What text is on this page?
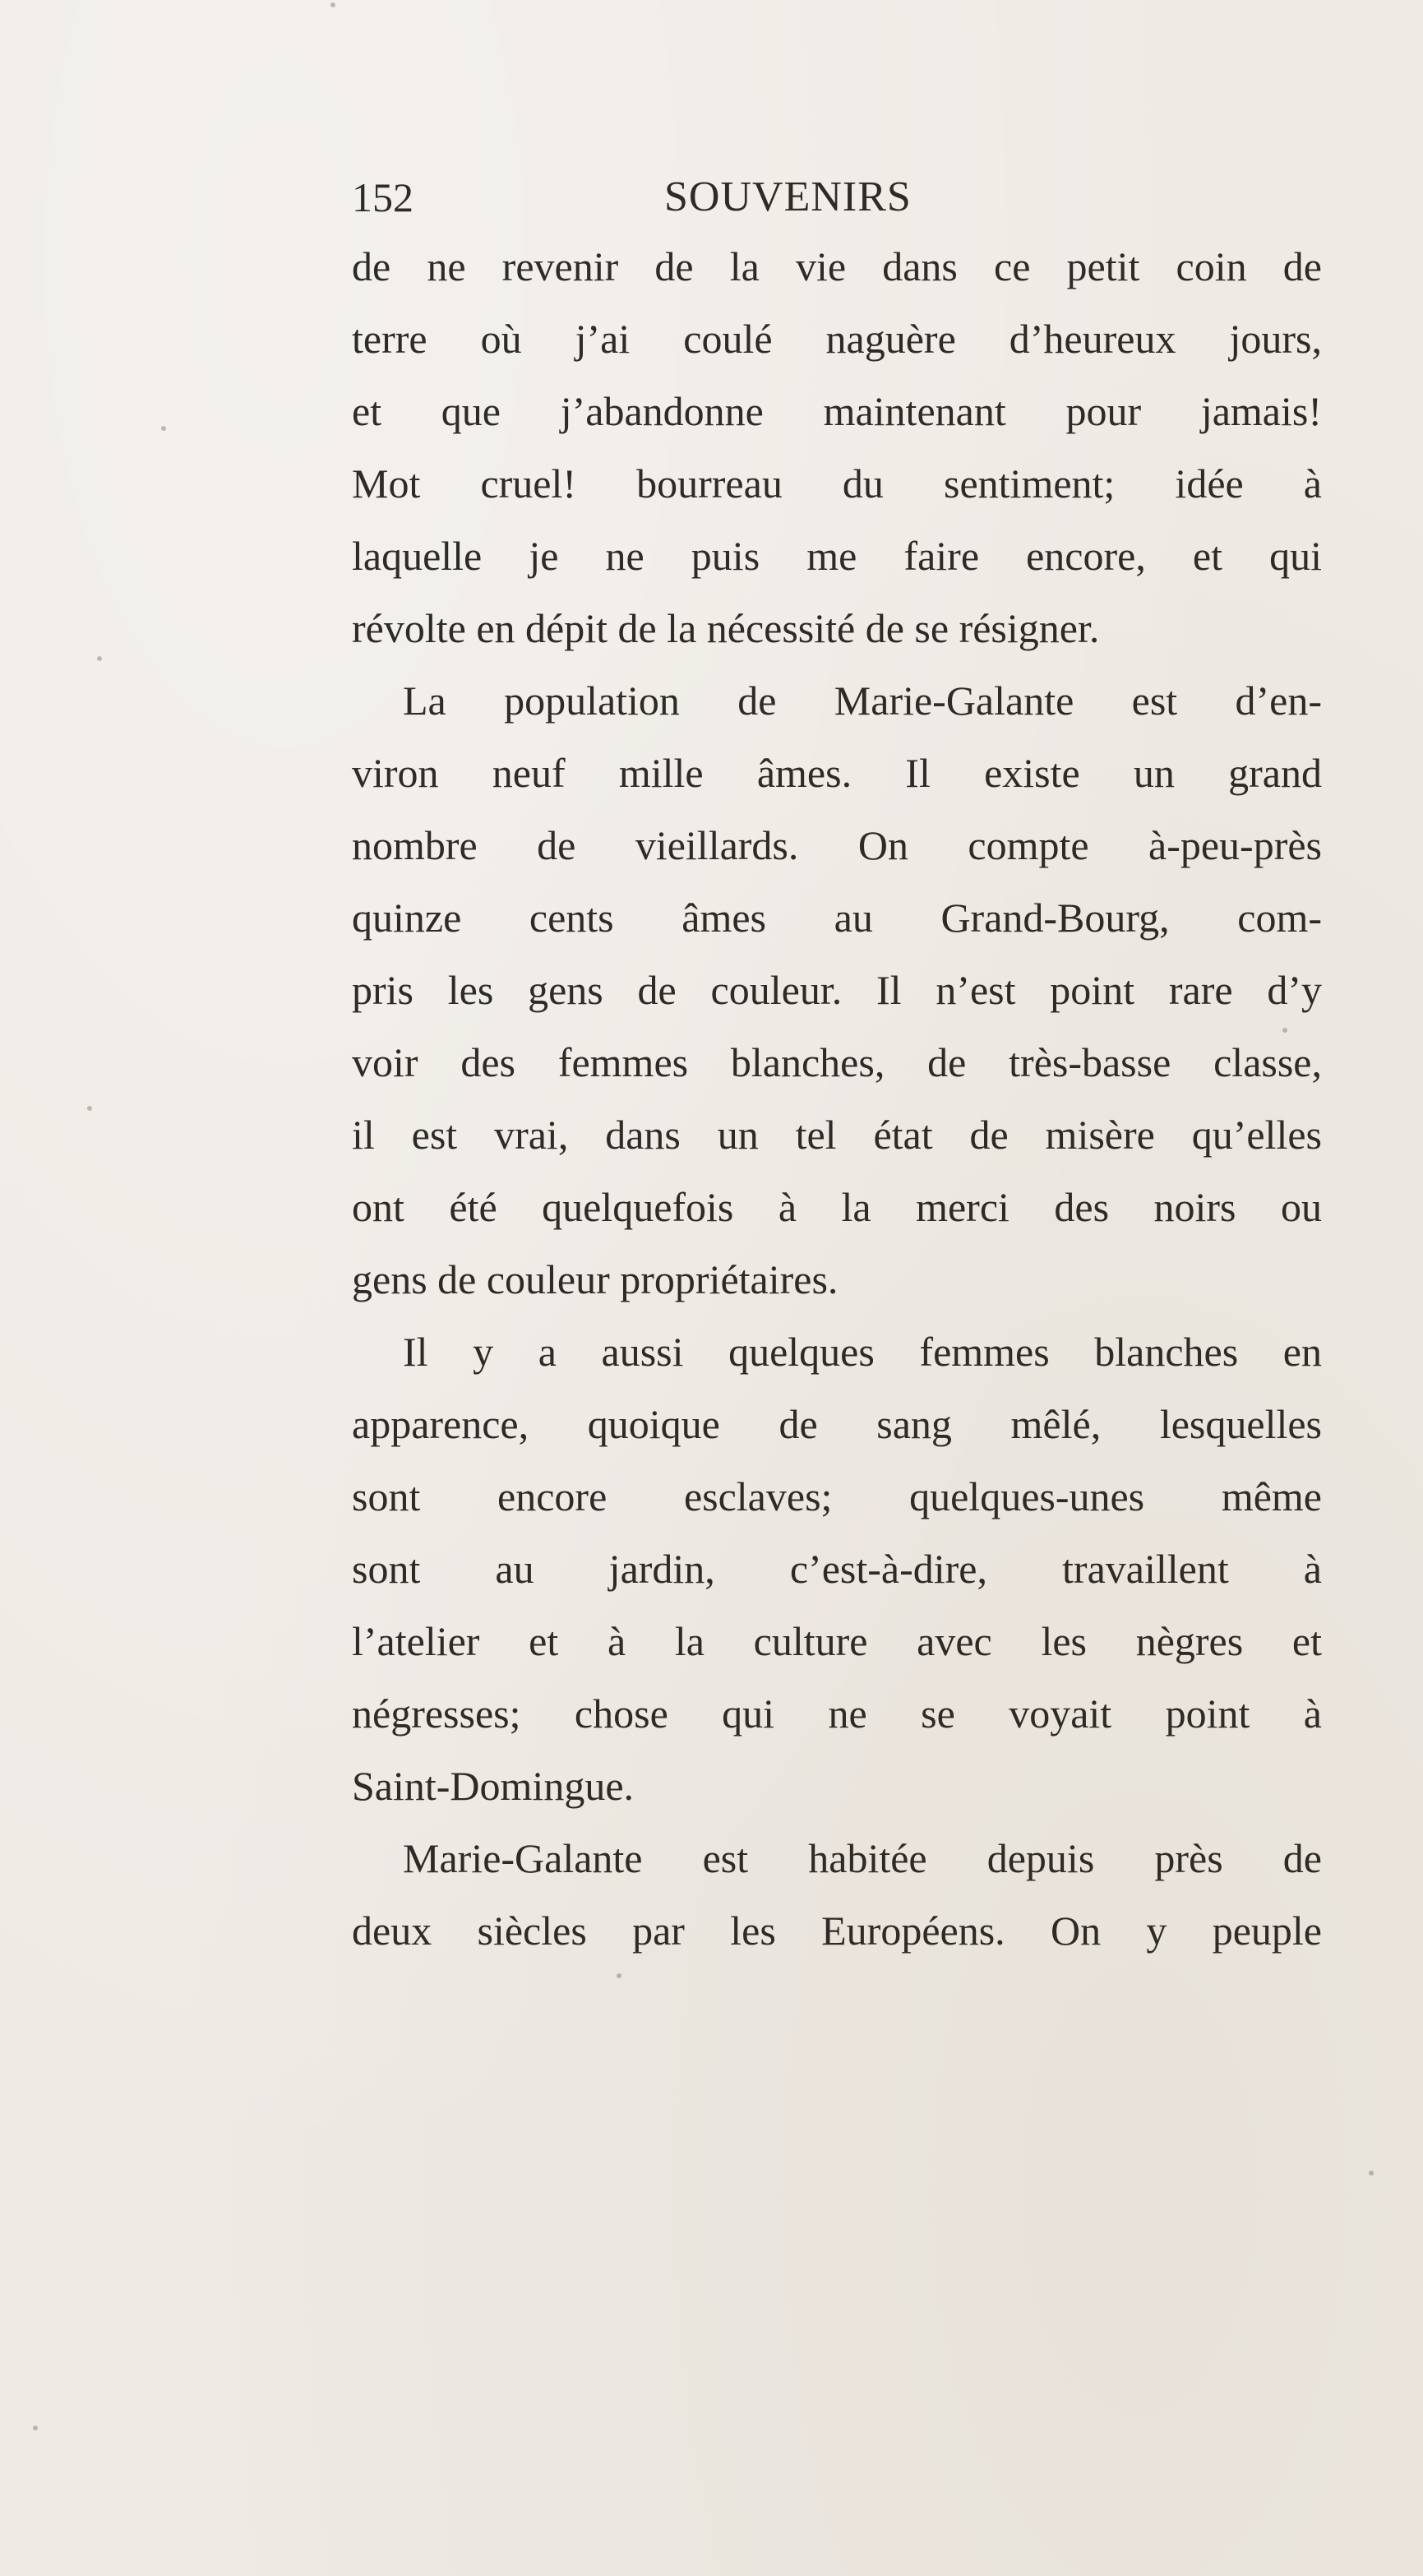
152	SOUVENIRS
de ne revenir de la vie dans ce petit coin de
terre où j’ai coulé naguère d’heureux jours,
et que j’abandonne maintenant pour jamais!
Mot cruel! bourreau du sentiment; idée à
laquelle je ne puis me faire encore, et qui
révolte en dépit de la nécessité de se résigner.
La population de Marie-Galante est d’en-
viron neuf mille âmes. Il existe un grand
nombre de vieillards. On compte à-peu-près
quinze cents âmes au Grand-Bourg, com-
pris les gens de couleur. Il n’est point rare d’y
voir des femmes blanches, de très-basse classe,
il est vrai, dans un tel état de misère qu’elles
ont été quelquefois à la merci des noirs ou
gens de couleur propriétaires.
Il y a aussi quelques femmes blanches en
apparence, quoique de sang mêlé, lesquelles
sont encore esclaves; quelques-unes même
sont au jardin, c’est-à-dire, travaillent à
l’atelier et à la culture avec les nègres et
négresses; chose qui ne se voyait point à
Saint-Domingue.
Marie-Galante est habitée depuis près de
deux siècles par les Européens. On y peuple
